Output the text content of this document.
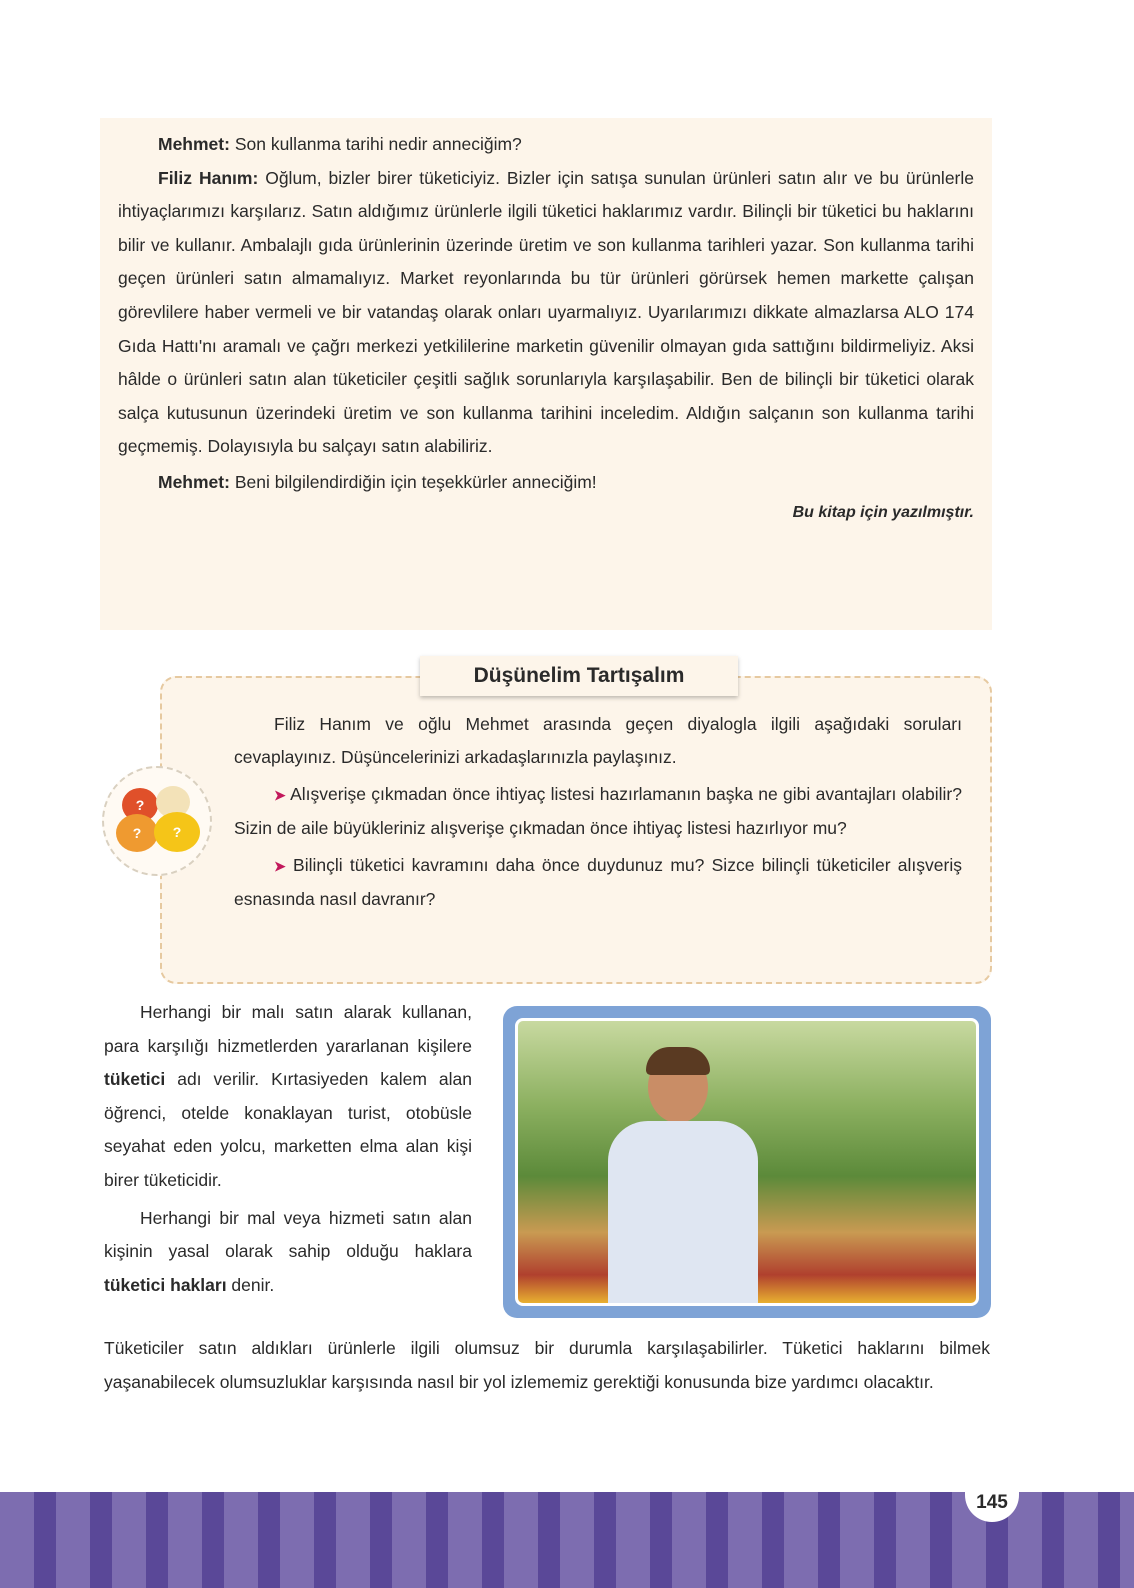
Mehmet: Son kullanma tarihi nedir anneciğim?

Filiz Hanım: Oğlum, bizler birer tüketiciyiz. Bizler için satışa sunulan ürünleri satın alır ve bu ürünlerle ihtiyaçlarımızı karşılarız. Satın aldığımız ürünlerle ilgili tüketici haklarımız vardır. Bilinçli bir tüketici bu haklarını bilir ve kullanır. Ambalajlı gıda ürünlerinin üzerinde üretim ve son kullanma tarihleri yazar. Son kullanma tarihi geçen ürünleri satın almamalıyız. Market reyonlarında bu tür ürünleri görürsek hemen markette çalışan görevlilere haber vermeli ve bir vatandaş olarak onları uyarmalıyız. Uyarılarımızı dikkate almazlarsa ALO 174 Gıda Hattı'nı aramalı ve çağrı merkezi yetkililerine marketin güvenilir olmayan gıda sattığını bildirmeliyiz. Aksi hâlde o ürünleri satın alan tüketiciler çeşitli sağlık sorunlarıyla karşılaşabilir. Ben de bilinçli bir tüketici olarak salça kutusunun üzerindeki üretim ve son kullanma tarihini inceledim. Aldığın salçanın son kullanma tarihi geçmemiş. Dolayısıyla bu salçayı satın alabiliriz.

Mehmet: Beni bilgilendirdiğin için teşekkürler anneciğim!

Bu kitap için yazılmıştır.
Düşünelim Tartışalım
?
?	?

Filiz Hanım ve oğlu Mehmet arasında geçen diyalogla ilgili aşağıdaki soruları cevaplayınız. Düşüncelerinizi arkadaşlarınızla paylaşınız.

➤ Alışverişe çıkmadan önce ihtiyaç listesi hazırlamanın başka ne gibi avantajları olabilir? Sizin de aile büyükleriniz alışverişe çıkmadan önce ihtiyaç listesi hazırlıyor mu?

➤ Bilinçli tüketici kavramını daha önce duydunuz mu? Sizce bilinçli tüketiciler alışveriş esnasında nasıl davranır?

Herhangi bir malı satın alarak kullanan, para karşılığı hizmetlerden yararlanan kişilere tüketici adı verilir. Kırtasiyeden kalem alan öğrenci, otelde konaklayan turist, otobüsle seyahat eden yolcu, marketten elma alan kişi birer tüketicidir.

Herhangi bir mal veya hizmeti satın alan kişinin yasal olarak sahip olduğu haklara tüketici hakları denir.

Tüketiciler satın aldıkları ürünlerle ilgili olumsuz bir durumla karşılaşabilirler. Tüketici haklarını bilmek yaşanabilecek olumsuzluklar karşısında nasıl bir yol izlememiz gerektiği konusunda bize yardımcı olacaktır.

145
